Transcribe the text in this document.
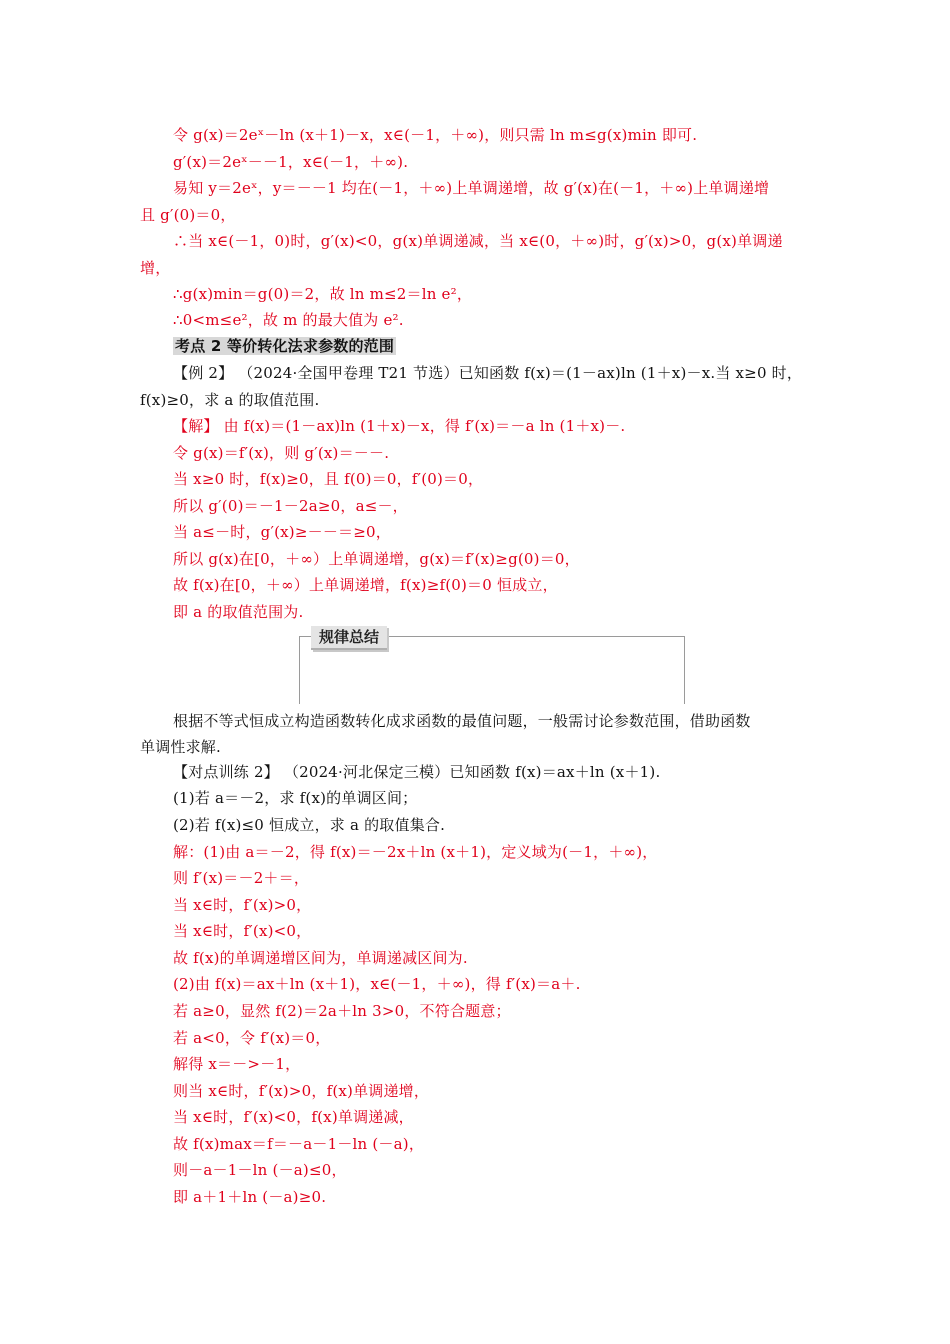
令 g(x)＝2eˣ－ln (x＋1)－x，x∈(－1，＋∞)，则只需 ln m≤g(x)min 即可.
g′(x)＝2eˣ－－1，x∈(－1，＋∞).
易知 y＝2eˣ，y＝－－1 均在(－1，＋∞)上单调递增，故 g′(x)在(－1，＋∞)上单调递增
且 g′(0)＝0，
∴当 x∈(－1，0)时，g′(x)<0，g(x)单调递减，当 x∈(0，＋∞)时，g′(x)>0，g(x)单调递
增，
∴g(x)min＝g(0)＝2，故 ln m≤2＝ln e²，
∴0<m≤e²，故 m 的最大值为 e².
考点 2 等价转化法求参数的范围
【例 2】 （2024·全国甲卷理 T21 节选）已知函数 f(x)＝(1－ax)ln (1＋x)－x.当 x≥0 时，
f(x)≥0，求 a 的取值范围.
【解】 由 f(x)＝(1－ax)ln (1＋x)－x，得 f′(x)＝－a ln (1＋x)－.
令 g(x)＝f′(x)，则 g′(x)＝－－.
当 x≥0 时，f(x)≥0，且 f(0)＝0，f′(0)＝0，
所以 g′(0)＝－1－2a≥0，a≤－，
当 a≤－时，g′(x)≥－－＝≥0，
所以 g(x)在[0，＋∞）上单调递增，g(x)＝f′(x)≥g(0)＝0，
故 f(x)在[0，＋∞）上单调递增，f(x)≥f(0)＝0 恒成立，
即 a 的取值范围为.
规律总结
根据不等式恒成立构造函数转化成求函数的最值问题，一般需讨论参数范围，借助函数
单调性求解.
【对点训练 2】 （2024·河北保定三模）已知函数 f(x)＝ax＋ln (x＋1).
(1)若 a＝－2，求 f(x)的单调区间；
(2)若 f(x)≤0 恒成立，求 a 的取值集合.
解：(1)由 a＝－2，得 f(x)＝－2x＋ln (x＋1)，定义域为(－1，＋∞)，
则 f′(x)＝－2＋＝，
当 x∈时，f′(x)>0，
当 x∈时，f′(x)<0，
故 f(x)的单调递增区间为，单调递减区间为.
(2)由 f(x)＝ax＋ln (x＋1)，x∈(－1，＋∞)，得 f′(x)＝a＋.
若 a≥0，显然 f(2)＝2a＋ln 3>0，不符合题意；
若 a<0，令 f′(x)＝0，
解得 x＝－>－1，
则当 x∈时，f′(x)>0，f(x)单调递增，
当 x∈时，f′(x)<0，f(x)单调递减，
故 f(x)max＝f＝－a－1－ln (－a)，
则－a－1－ln (－a)≤0，
即 a＋1＋ln (－a)≥0.
